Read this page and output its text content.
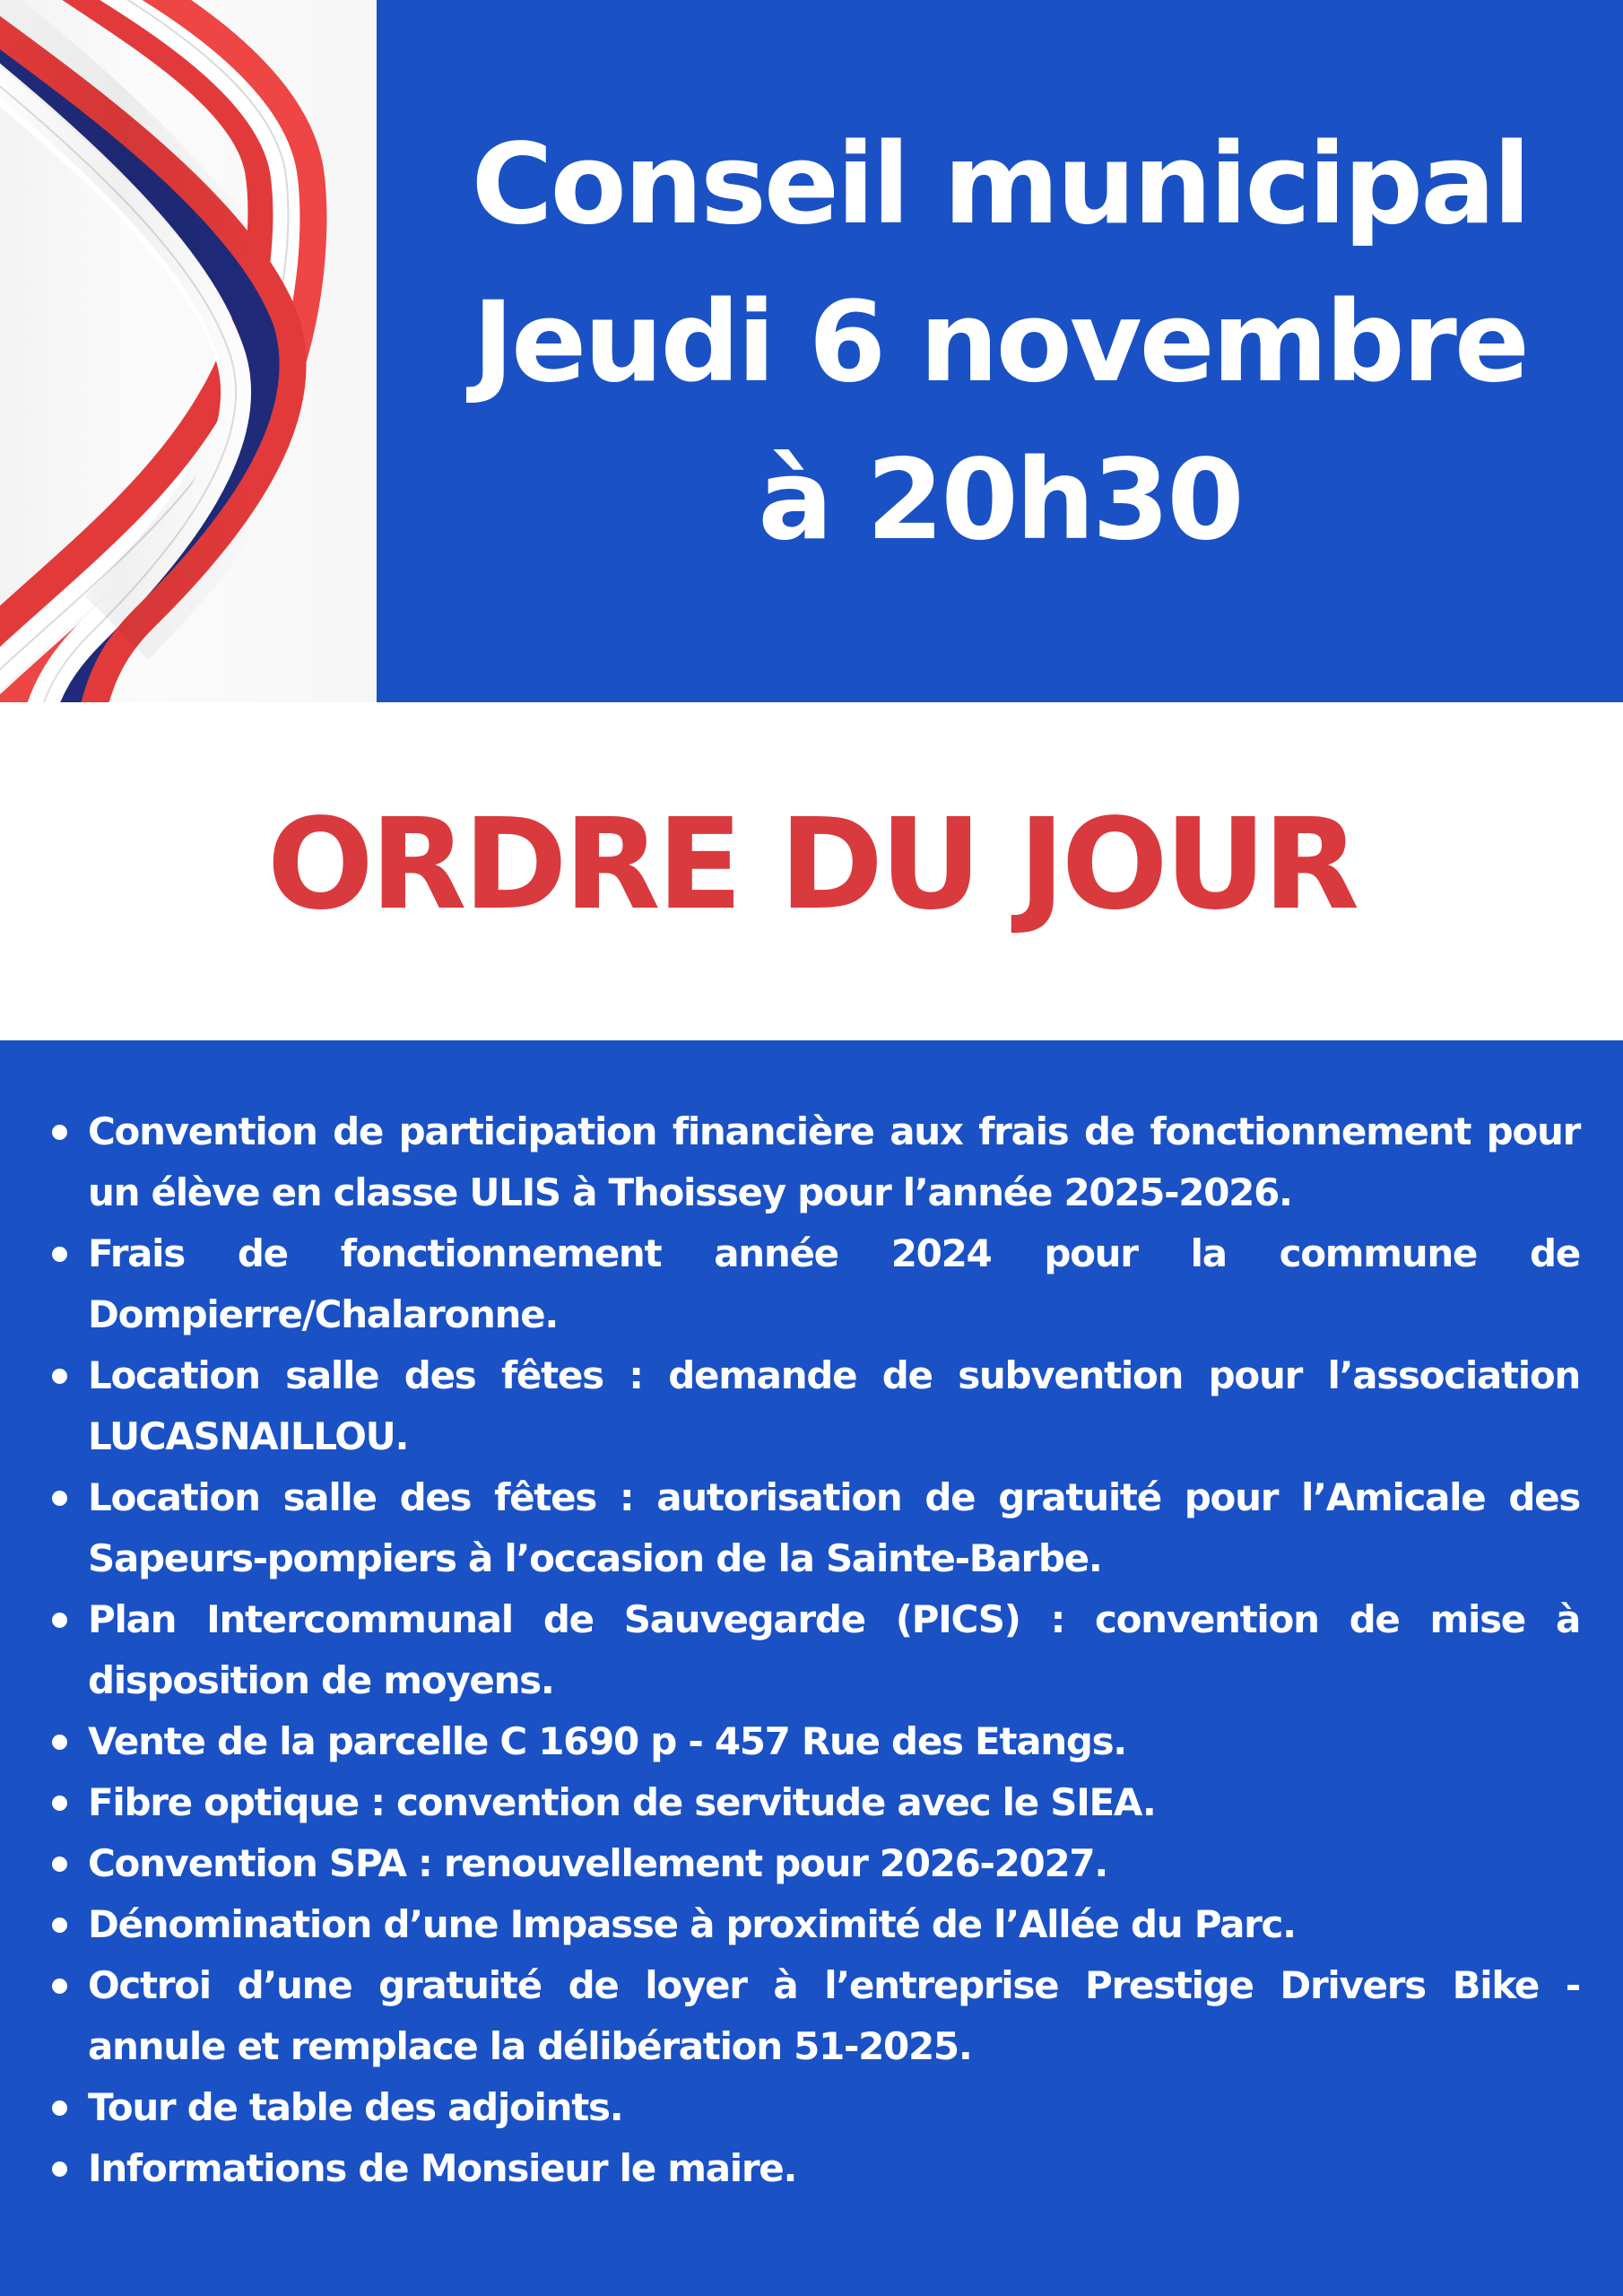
Conseil municipal
Jeudi 6 novembre
à 20h30
ORDRE DU JOUR
Convention de participation financière aux frais de fonctionnement pour un élève en classe ULIS à Thoissey pour l’année 2025-2026.
Frais de fonctionnement année 2024 pour la commune de Dompierre/Chalaronne.
Location salle des fêtes : demande de subvention pour l’association LUCASNAILLOU.
Location salle des fêtes : autorisation de gratuité pour l’Amicale des Sapeurs-pompiers à l’occasion de la Sainte-Barbe.
Plan Intercommunal de Sauvegarde (PICS) : convention de mise à disposition de moyens.
Vente de la parcelle C 1690 p - 457 Rue des Etangs.
Fibre optique : convention de servitude avec le SIEA.
Convention SPA : renouvellement pour 2026-2027.
Dénomination d’une Impasse à proximité de l’Allée du Parc.
Octroi d’une gratuité de loyer à l’entreprise Prestige Drivers Bike - annule et remplace la délibération 51-2025.
Tour de table des adjoints.
Informations de Monsieur le maire.
